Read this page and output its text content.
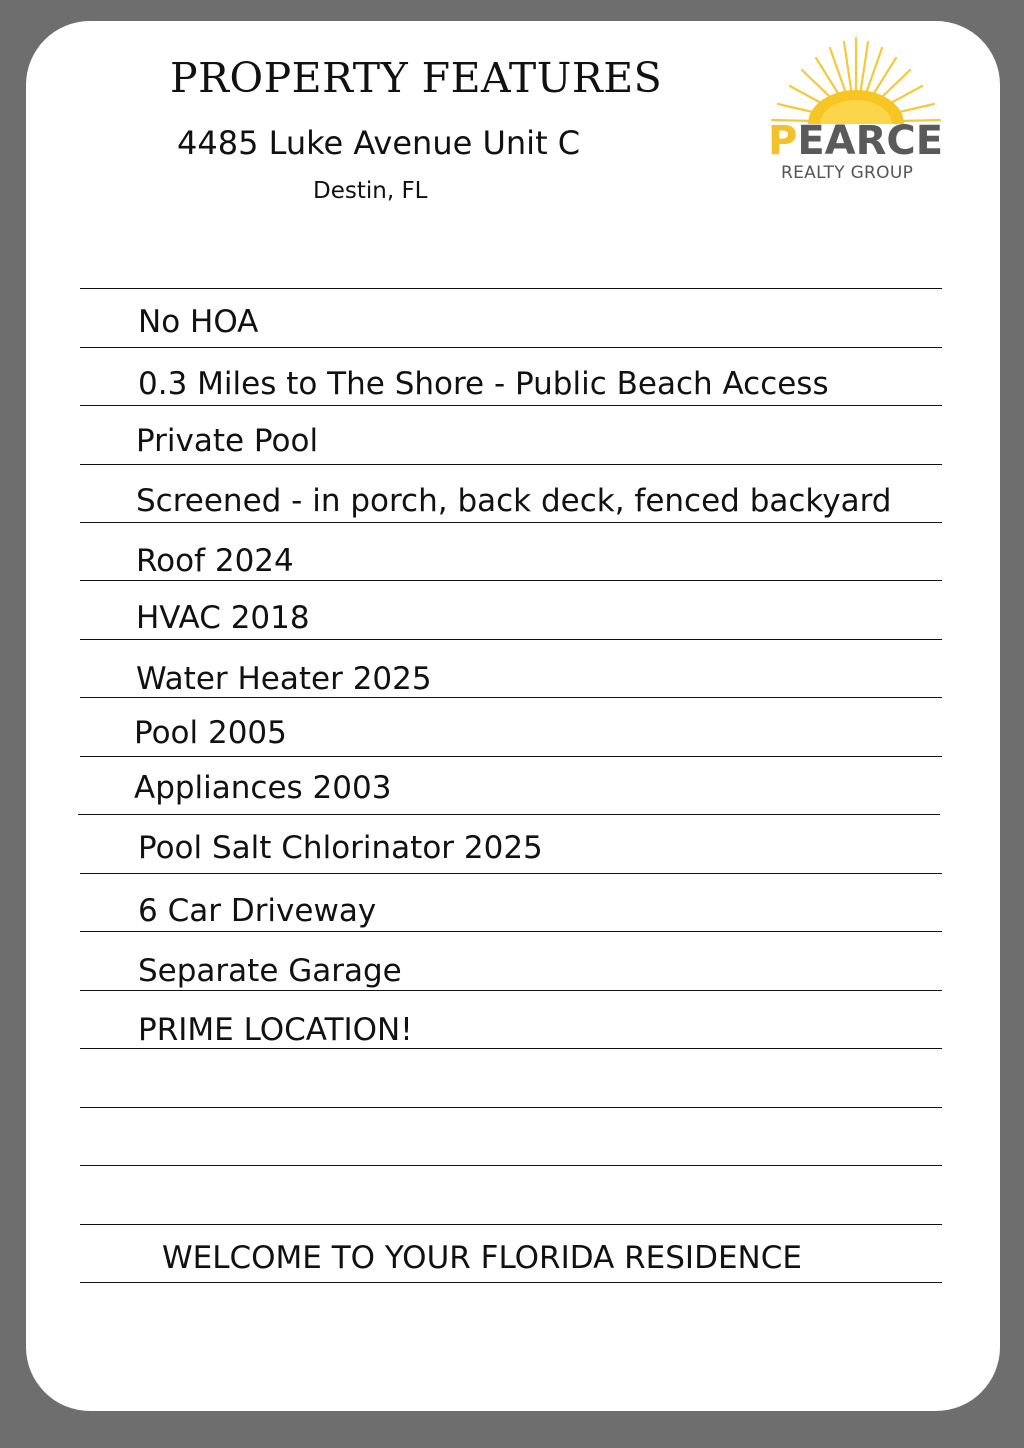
PROPERTY FEATURES
4485 Luke Avenue Unit C
Destin, FL
PEARCE
REALTY GROUP
No HOA
0.3 Miles to The Shore - Public Beach Access
Private Pool
Screened - in porch, back deck, fenced backyard
Roof 2024
HVAC 2018
Water Heater 2025
Pool 2005
Appliances 2003
Pool Salt Chlorinator 2025
6 Car Driveway
Separate Garage
PRIME LOCATION!
WELCOME TO YOUR FLORIDA RESIDENCE
